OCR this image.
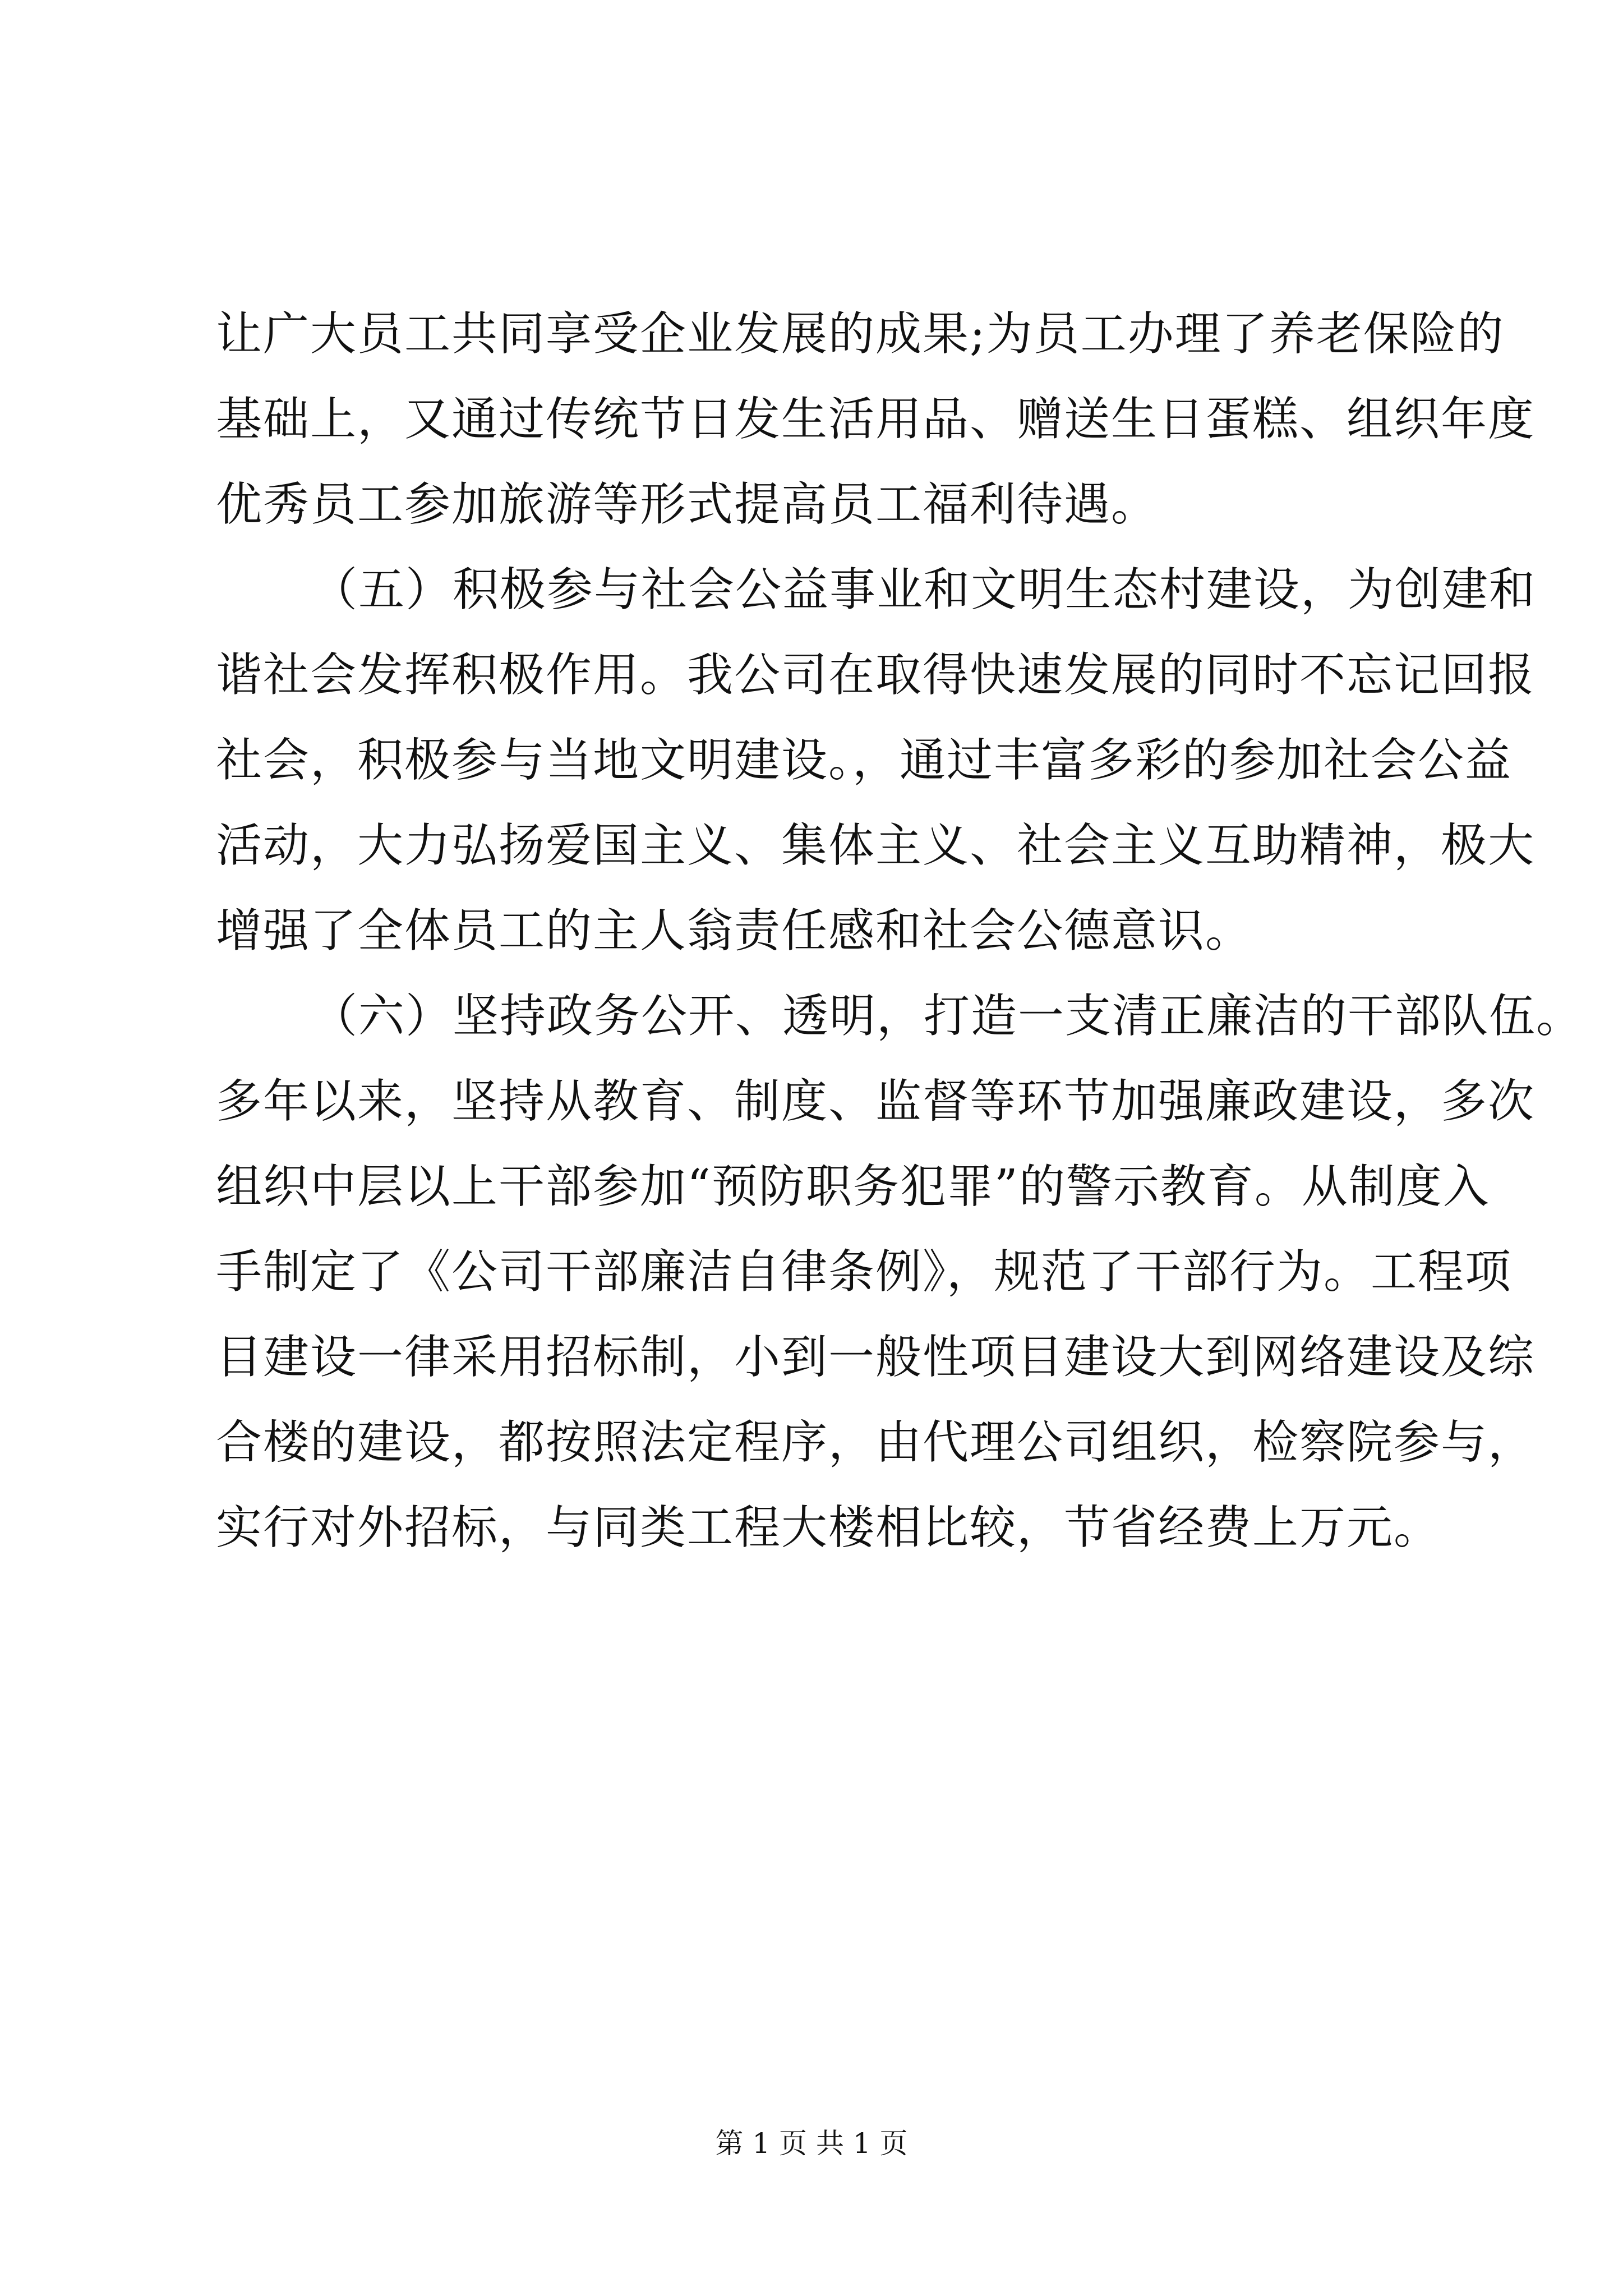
让广大员工共同享受企业发展的成果;为员工办理了养老保险的
基础上，又通过传统节日发生活用品、赠送生日蛋糕、组织年度
优秀员工参加旅游等形式提高员工福利待遇。
（五）积极参与社会公益事业和文明生态村建设，为创建和
谐社会发挥积极作用。我公司在取得快速发展的同时不忘记回报
社会，积极参与当地文明建设。，通过丰富多彩的参加社会公益
活动，大力弘扬爱国主义、集体主义、社会主义互助精神，极大
增强了全体员工的主人翁责任感和社会公德意识。
（六）坚持政务公开、透明，打造一支清正廉洁的干部队伍。
多年以来，坚持从教育、制度、监督等环节加强廉政建设，多次
组织中层以上干部参加“预防职务犯罪”的警示教育。从制度入
手制定了《公司干部廉洁自律条例》，规范了干部行为。工程项
目建设一律采用招标制，小到一般性项目建设大到网络建设及综
合楼的建设，都按照法定程序，由代理公司组织，检察院参与，
实行对外招标，与同类工程大楼相比较，节省经费上万元。
第 1 页 共 1 页
